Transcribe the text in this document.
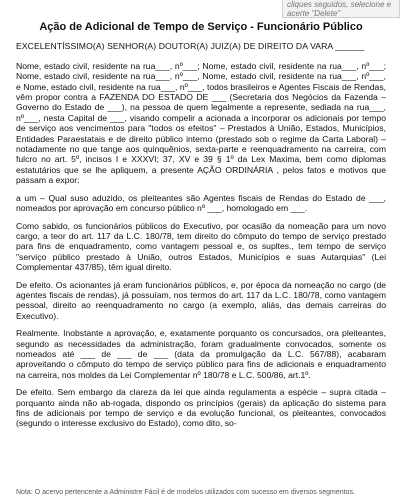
cliques seguidos, selecione e acerte "Delete"
Ação de Adicional de Tempo de Serviço - Funcionário Público
EXCELENTÍSSIMO(A) SENHOR(A) DOUTOR(A) JUIZ(A) DE DIREITO DA VARA ______
Nome, estado civil, residente na rua___, nº___; Nome, estado civil, residente na rua___, nº___; Nome, estado civil, residente na rua___, nº___, Nome, estado civil, residente na rua___, nº___, e Nome, estado civil, residente na rua___, nº___, todos brasileiros e Agentes Fiscais de Rendas, vêm propor contra a FAZENDA DO ESTADO DE ___ (Secretaria dos Negócios da Fazenda – Governo do Estado de ___), na pessoa de quem legalmente a represente, sediada na rua___, nº___, nesta Capital de ___, visando compelir a acionada a incorporar os adicionais por tempo de serviço aos vencimentos para "todos os efeitos" – Prestados à União, Estados, Municípios, Entidades Paraestatais e de direito público interno (prestado sob o regime da Carta Laboral) – notadamente no que tange aos quinquênios, sexta-parte e reenquadramento na carreira, com fulcro no art. 5º, incisos I e XXXVI; 37, XV e 39 § 1º da Lex Maxima, bem como diplomas estatutários que se lhe apliquem, a presente AÇÃO ORDINÁRIA , pelos fatos e motivos que passam a expor:
a um – Qual suso aduzido, os pleiteantes são Agentes fiscais de Rendas do Estado de ___, nomeados por aprovação em concurso público nº ___, homologado em ___.
Como sabido, os funcionários públicos do Executivo, por ocasião da nomeação para um novo cargo, a teor do art. 117 da L.C. 180/78, tem direito do cômputo do tempo de serviço prestado para fins de enquadramento, como vantagem pessoal e, os supltes., tem tempo de serviço "serviço público prestado à União, outros Estados, Municípios e suas Autarquias" (Lei Complementar 437/85), têm igual direito.
De efeito. Os acionantes já eram funcionários públicos, e, por época da nomeação no cargo (de agentes fiscais de rendas), já possuíam, nos termos do art. 117 da L.C. 180/78, como vantagem pessoal, direito ao reenquadramento no cargo (a exemplo, aliás, das demais carreiras do Executivo).
Realmente. Inobstante a aprovação, e, exatamente porquanto os concursados, ora pleiteantes, segundo as necessidades da administração, foram gradualmente convocados, somente os nomeados até ___ de ___ de ___ (data da promulgação da L.C. 567/88), acabaram aproveitando o cômputo do tempo de serviço público para fins de adicionais e enquadramento na carreira, nos moldes da Lei Complementar nº 180/78 e L.C. 500/86, art.1º.
De efeito. Sem embargo da clareza da lei que ainda regulamenta a espécie – supra citada – porquanto ainda não ab-rogada, dispondo os princípios (gerais) da aplicação do sistema para fins de adicionais por tempo de serviço e da evolução funcional, os pleiteantes, convocados (segundo o interesse exclusivo do Estado), como dito, so-
Nota: O acervo pertencente a Administre Fácil é de modelos utilizados com sucesso em diversos segmentos.
